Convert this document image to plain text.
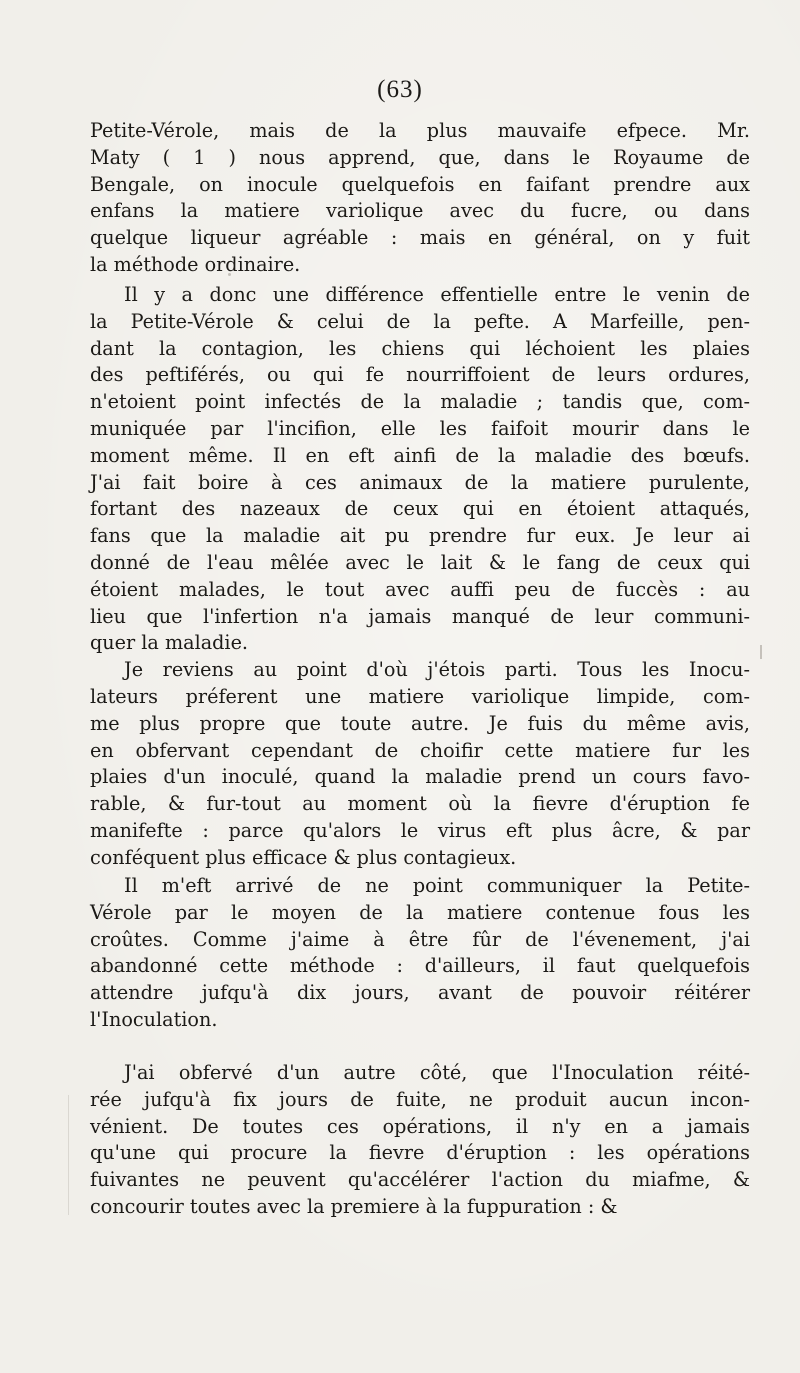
(63)
Petite-Vérole, mais de la plus mauvaife efpece. Mr.
Maty ( 1 ) nous apprend, que, dans le Royaume de
Bengale, on inocule quelquefois en faifant prendre aux
enfans la matiere variolique avec du fucre, ou dans
quelque liqueur agréable : mais en général, on y fuit
la méthode ordinaire.
Il y a donc une différence effentielle entre le venin de
la Petite-Vérole & celui de la pefte. A Marfeille, pen-
dant la contagion, les chiens qui léchoient les plaies
des peftiférés, ou qui fe nourriffoient de leurs ordures,
n'etoient point infectés de la maladie ; tandis que, com-
muniquée par l'incifion, elle les faifoit mourir dans le
moment même. Il en eft ainfi de la maladie des bœufs.
J'ai fait boire à ces animaux de la matiere purulente,
fortant des nazeaux de ceux qui en étoient attaqués,
fans que la maladie ait pu prendre fur eux. Je leur ai
donné de l'eau mêlée avec le lait & le fang de ceux qui
étoient malades, le tout avec auffi peu de fuccès : au
lieu que l'infertion n'a jamais manqué de leur communi-
quer la maladie.
Je reviens au point d'où j'étois parti. Tous les Inocu-
lateurs préferent une matiere variolique limpide, com-
me plus propre que toute autre. Je fuis du même avis,
en obfervant cependant de choifir cette matiere fur les
plaies d'un inoculé, quand la maladie prend un cours favo-
rable, & fur-tout au moment où la fievre d'éruption fe
manifefte : parce qu'alors le virus eft plus âcre, & par
conféquent plus efficace & plus contagieux.
Il m'eft arrivé de ne point communiquer la Petite-
Vérole par le moyen de la matiere contenue fous les
croûtes. Comme j'aime à être fûr de l'évenement, j'ai
abandonné cette méthode : d'ailleurs, il faut quelquefois
attendre jufqu'à dix jours, avant de pouvoir réitérer
l'Inoculation.
J'ai obfervé d'un autre côté, que l'Inoculation réité-
rée jufqu'à fix jours de fuite, ne produit aucun incon-
vénient. De toutes ces opérations, il n'y en a jamais
qu'une qui procure la fievre d'éruption : les opérations
fuivantes ne peuvent qu'accélérer l'action du miafme, &
concourir toutes avec la premiere à la fuppuration : &
